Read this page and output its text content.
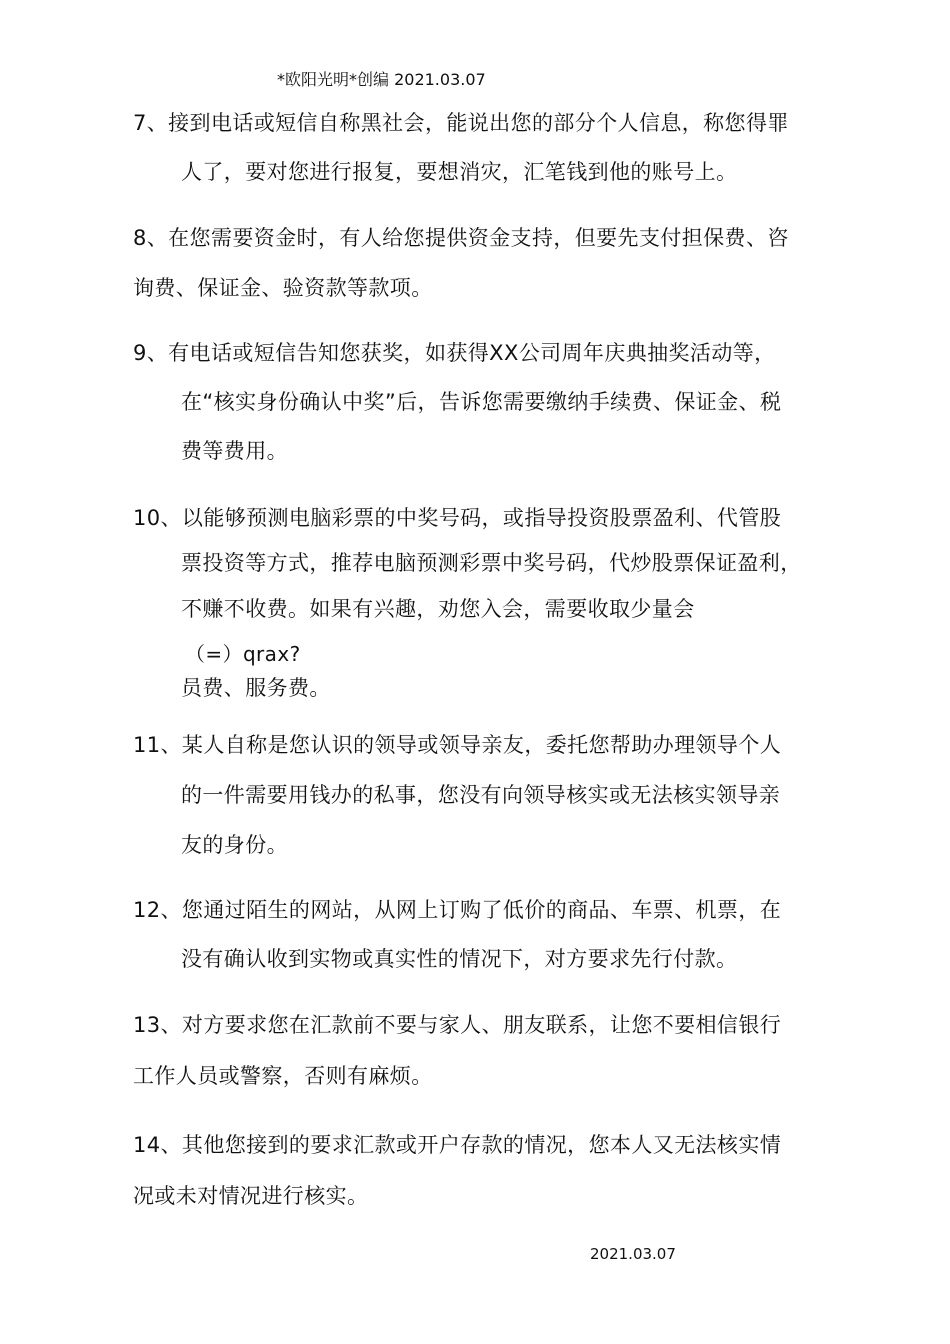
*欧阳光明*创编 2021.03.07
7、接到电话或短信自称黑社会，能说出您的部分个人信息，称您得罪
人了，要对您进行报复，要想消灾，汇笔钱到他的账号上。
8、在您需要资金时，有人给您提供资金支持，但要先支付担保费、咨
询费、保证金、验资款等款项。
9、有电话或短信告知您获奖，如获得XX公司周年庆典抽奖活动等，
在“核实身份确认中奖”后，告诉您需要缴纳手续费、保证金、税
费等费用。
10、以能够预测电脑彩票的中奖号码，或指导投资股票盈利、代管股
票投资等方式，推荐电脑预测彩票中奖号码，代炒股票保证盈利，
不赚不收费。如果有兴趣，劝您入会，需要收取少量会
（=）qrax?
员费、服务费。
11、某人自称是您认识的领导或领导亲友，委托您帮助办理领导个人
的一件需要用钱办的私事，您没有向领导核实或无法核实领导亲
友的身份。
12、您通过陌生的网站，从网上订购了低价的商品、车票、机票，在
没有确认收到实物或真实性的情况下，对方要求先行付款。
13、对方要求您在汇款前不要与家人、朋友联系，让您不要相信银行
工作人员或警察，否则有麻烦。
14、其他您接到的要求汇款或开户存款的情况，您本人又无法核实情
况或未对情况进行核实。
2021.03.07
